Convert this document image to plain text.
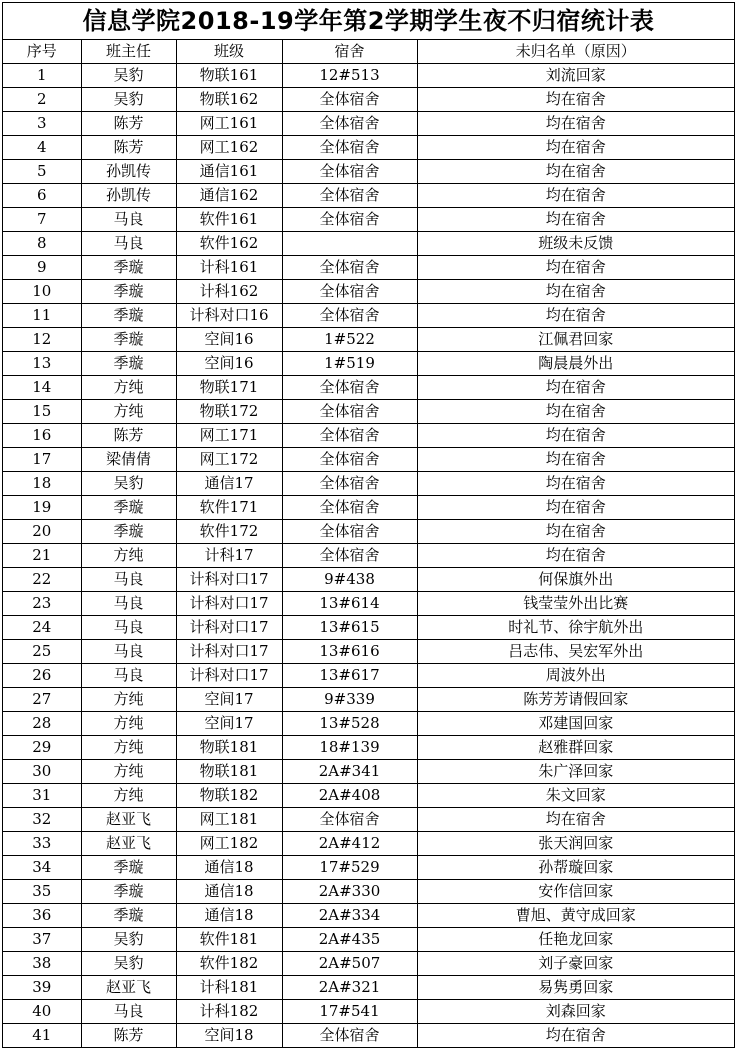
信息学院2018-19学年第2学期学生夜不归宿统计表
序号	班主任	班级	宿舍	未归名单（原因）
1	吴豹	物联161	12#513	刘流回家
2	吴豹	物联162	全体宿舍	均在宿舍
3	陈芳	网工161	全体宿舍	均在宿舍
4	陈芳	网工162	全体宿舍	均在宿舍
5	孙凯传	通信161	全体宿舍	均在宿舍
6	孙凯传	通信162	全体宿舍	均在宿舍
7	马良	软件161	全体宿舍	均在宿舍
8	马良	软件162		班级未反馈
9	季璇	计科161	全体宿舍	均在宿舍
10	季璇	计科162	全体宿舍	均在宿舍
11	季璇	计科对口16	全体宿舍	均在宿舍
12	季璇	空间16	1#522	江佩君回家
13	季璇	空间16	1#519	陶晨晨外出
14	方纯	物联171	全体宿舍	均在宿舍
15	方纯	物联172	全体宿舍	均在宿舍
16	陈芳	网工171	全体宿舍	均在宿舍
17	梁倩倩	网工172	全体宿舍	均在宿舍
18	吴豹	通信17	全体宿舍	均在宿舍
19	季璇	软件171	全体宿舍	均在宿舍
20	季璇	软件172	全体宿舍	均在宿舍
21	方纯	计科17	全体宿舍	均在宿舍
22	马良	计科对口17	9#438	何保旗外出
23	马良	计科对口17	13#614	钱莹莹外出比赛
24	马良	计科对口17	13#615	时礼节、徐宇航外出
25	马良	计科对口17	13#616	吕志伟、吴宏军外出
26	马良	计科对口17	13#617	周波外出
27	方纯	空间17	9#339	陈芳芳请假回家
28	方纯	空间17	13#528	邓建国回家
29	方纯	物联181	18#139	赵雅群回家
30	方纯	物联181	2A#341	朱广泽回家
31	方纯	物联182	2A#408	朱文回家
32	赵亚飞	网工181	全体宿舍	均在宿舍
33	赵亚飞	网工182	2A#412	张天润回家
34	季璇	通信18	17#529	孙帮璇回家
35	季璇	通信18	2A#330	安作信回家
36	季璇	通信18	2A#334	曹旭、黄守成回家
37	吴豹	软件181	2A#435	任艳龙回家
38	吴豹	软件182	2A#507	刘子豪回家
39	赵亚飞	计科181	2A#321	易隽勇回家
40	马良	计科182	17#541	刘森回家
41	陈芳	空间18	全体宿舍	均在宿舍
